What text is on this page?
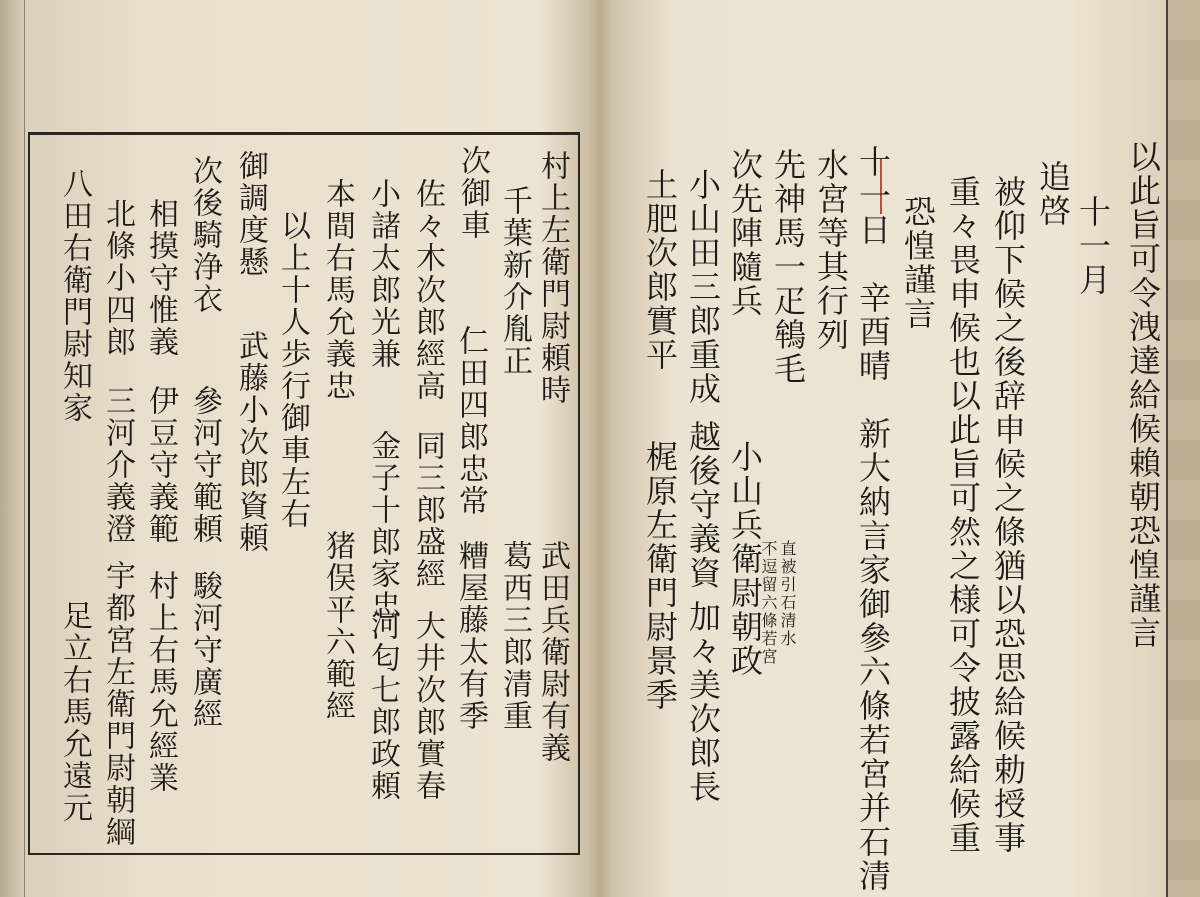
村上左衛門尉頼時
武田兵衛尉有義
千葉新介胤正
葛西三郎清重
次御車
仁田四郎忠常
糟屋藤太有季
佐々木次郎經高
同三郎盛經
大井次郎實春
小諸太郎光兼
金子十郎家忠
河匂七郎政頼
本間右馬允義忠
猪俣平六範經
以上十人歩行御車左右
御調度懸
武藤小次郎資頼
次後騎浄衣
參河守範頼
駿河守廣經
相摸守惟義
伊豆守義範
村上右馬允經業
北條小四郎
三河介義澄
宇都宮左衛門尉朝綱
八田右衛門尉知家
足立右馬允遠元
以此旨可令洩達給候賴朝恐惶謹言
十一月
追啓
被仰下候之後辞申候之條猶以恐思給候勅授事
重々畏申候也以此旨可然之様可令披露給候重
恐惶謹言
十一日　辛酉晴　新大納言家御參六條若宮并石清
水宮等其行列
先神馬一疋鴾毛
次先陣隨兵
小山田三郎重成
土肥次郎實平
小山兵衛尉朝政
越後守義資
加々美次郎長
梶原左衛門尉景季	直被引石清水
不逗留六條若宮
